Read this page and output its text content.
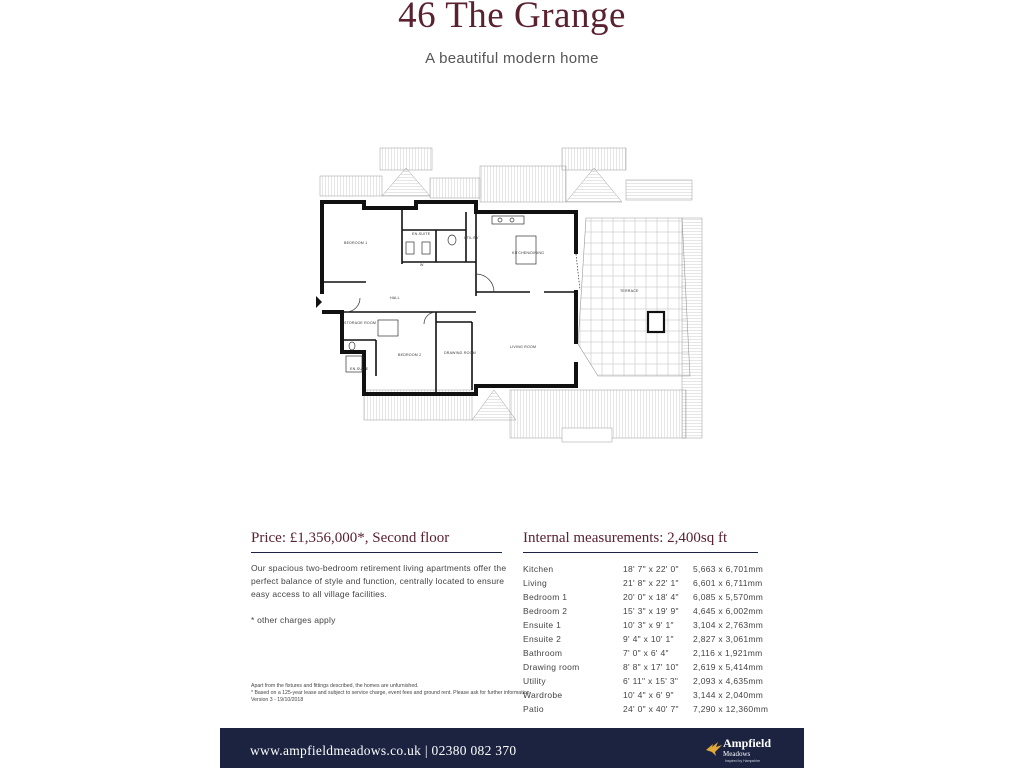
46 The Grange
A beautiful modern home
TERRACE
BEDROOM 1
EN-SUITE
UTILITY
W
HALL
KITCHEN/DINING
STORAGE ROOM
BEDROOM 2	DRAWING ROOM
LIVING ROOM
EN-SUITE
Price: £1,356,000*, Second floor
Our spacious two-bedroom retirement living apartments offer the perfect balance of style and function, centrally located to ensure easy access to all village facilities.
* other charges apply
Apart from the fixtures and fittings described, the homes are unfurnished.
* Based on a 125-year lease and subject to service charge, event fees and ground rent. Please ask for further information.
Version 3 - 19/10/2018
Internal measurements: 2,400sq ft
Kitchen	18' 7" x 22' 0" 5,663 x 6,701mm
Living	21' 8" x 22' 1" 6,601 x 6,711mm
Bedroom 1	20' 0" x 18' 4" 6,085 x 5,570mm
Bedroom 2	15' 3" x 19' 9" 4,645 x 6,002mm
Ensuite 1	10' 3" x 9' 1" 3,104 x 2,763mm
Ensuite 2	9' 4" x 10' 1" 2,827 x 3,061mm
Bathroom	7' 0" x 6' 4"	2,116 x 1,921mm
Drawing room	8' 8" x 17' 10" 2,619 x 5,414mm
Utility	6' 11" x 15' 3" 2,093 x 4,635mm
Wardrobe	10' 4" x 6' 9" 3,144 x 2,040mm
Patio	24' 0" x 40' 7" 7,290 x 12,360mm
www.ampfieldmeadows.co.uk | 02380 082 370	Ampfield
Meadows
Inspired by Hampshire
